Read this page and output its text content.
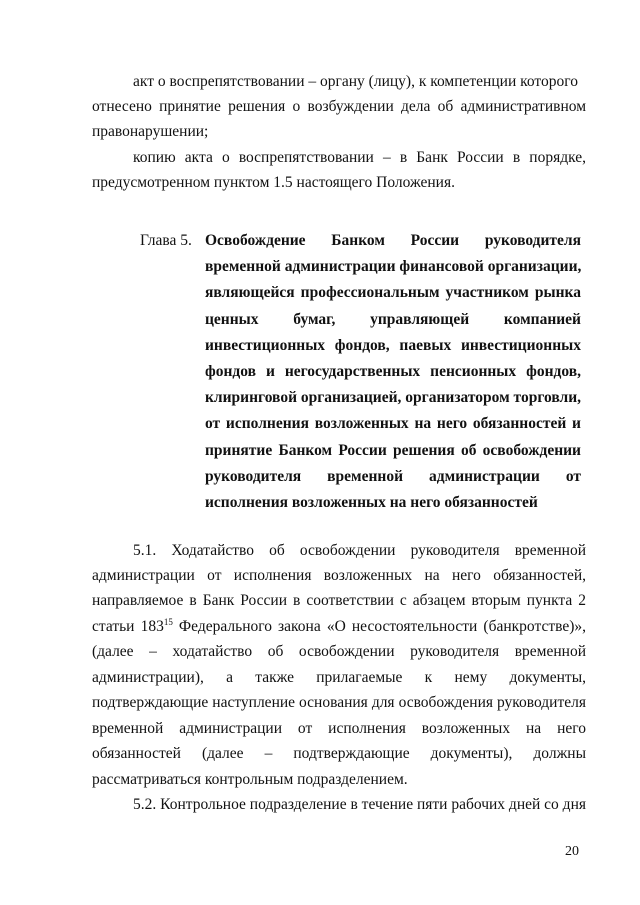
акт о воспрепятствовании – органу (лицу), к компетенции которого
отнесено принятие решения о возбуждении дела об административном
правонарушении;
копию акта о воспрепятствовании – в Банк России в порядке,
предусмотренном пунктом 1.5 настоящего Положения.
Глава 5. Освобождение Банком России руководителя
временной администрации финансовой организации,
являющейся профессиональным участником рынка
ценных бумаг, управляющей компанией
инвестиционных фондов, паевых инвестиционных
фондов и негосударственных пенсионных фондов,
клиринговой организацией, организатором торговли,
от исполнения возложенных на него обязанностей и
принятие Банком России решения об освобождении
руководителя временной администрации от
исполнения возложенных на него обязанностей
5.1. Ходатайство об освобождении руководителя временной
администрации от исполнения возложенных на него обязанностей,
направляемое в Банк России в соответствии с абзацем вторым пункта 2
статьи $183^{15}$ Федерального закона «О несостоятельности (банкротстве)»,
(далее – ходатайство об освобождении руководителя временной
администрации), а также прилагаемые к нему документы,
подтверждающие наступление основания для освобождения руководителя
временной администрации от исполнения возложенных на него
обязанностей (далее – подтверждающие документы), должны
рассматриваться контрольным подразделением.
5.2. Контрольное подразделение в течение пяти рабочих дней со дня
20
